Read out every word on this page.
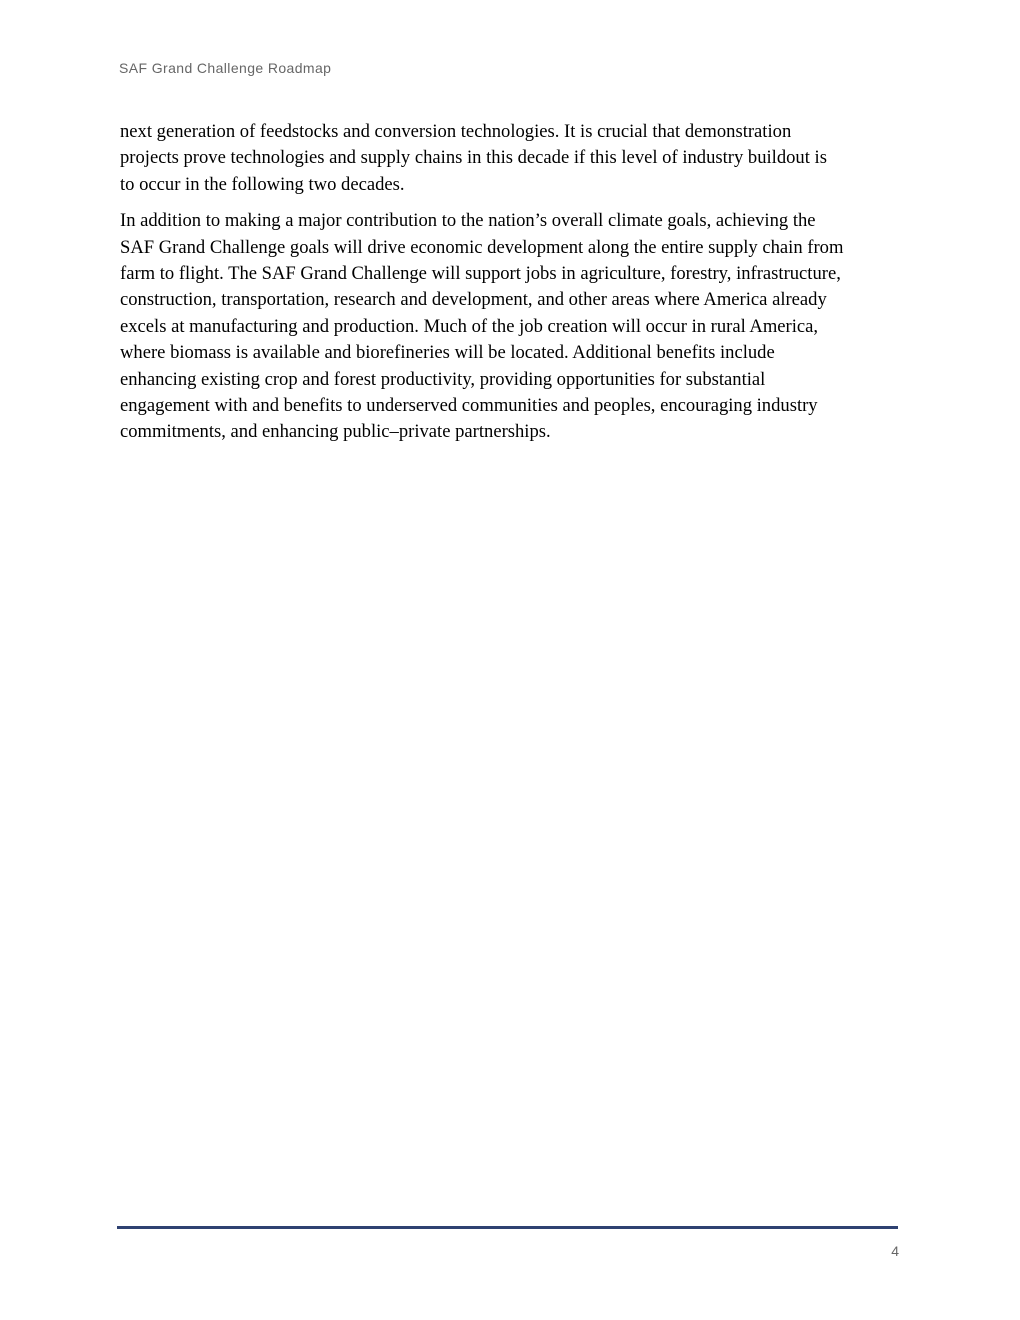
SAF Grand Challenge Roadmap

next generation of feedstocks and conversion technologies. It is crucial that demonstration
projects prove technologies and supply chains in this decade if this level of industry buildout is
to occur in the following two decades.

In addition to making a major contribution to the nation’s overall climate goals, achieving the
SAF Grand Challenge goals will drive economic development along the entire supply chain from
farm to flight. The SAF Grand Challenge will support jobs in agriculture, forestry, infrastructure,
construction, transportation, research and development, and other areas where America already
excels at manufacturing and production. Much of the job creation will occur in rural America,
where biomass is available and biorefineries will be located. Additional benefits include
enhancing existing crop and forest productivity, providing opportunities for substantial
engagement with and benefits to underserved communities and peoples, encouraging industry
commitments, and enhancing public–private partnerships.

4
